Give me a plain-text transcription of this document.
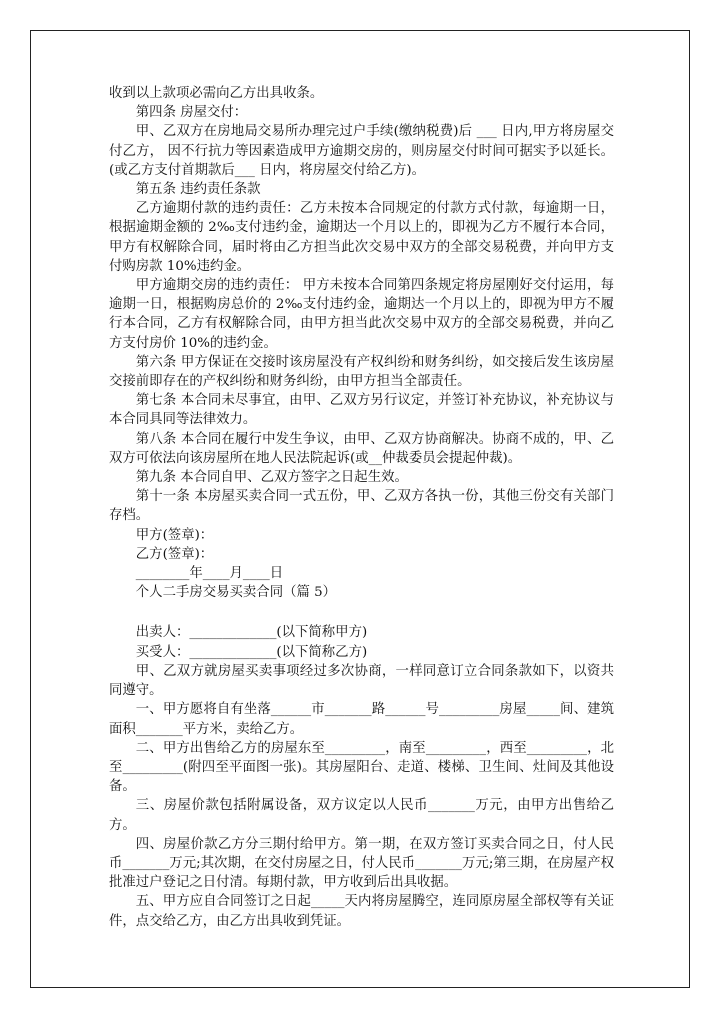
收到以上款项必需向乙方出具收条。

第四条 房屋交付：

甲、乙双方在房地局交易所办理完过户手续(缴纳税费)后 ___ 日内,甲方将房屋交付乙方， 因不行抗力等因素造成甲方逾期交房的，则房屋交付时间可据实予以延长。(或乙方支付首期款后___ 日内，将房屋交付给乙方)。

第五条 违约责任条款

乙方逾期付款的违约责任：乙方未按本合同规定的付款方式付款，每逾期一日，根据逾期金额的 2‰支付违约金，逾期达一个月以上的，即视为乙方不履行本合同，甲方有权解除合同，届时将由乙方担当此次交易中双方的全部交易税费，并向甲方支付购房款 10%违约金。

甲方逾期交房的违约责任： 甲方未按本合同第四条规定将房屋刚好交付运用，每逾期一日，根据购房总价的 2‰支付违约金，逾期达一个月以上的，即视为甲方不履行本合同，乙方有权解除合同，由甲方担当此次交易中双方的全部交易税费，并向乙方支付房价 10%的违约金。

第六条 甲方保证在交接时该房屋没有产权纠纷和财务纠纷，如交接后发生该房屋交接前即存在的产权纠纷和财务纠纷，由甲方担当全部责任。

第七条 本合同未尽事宜，由甲、乙双方另行议定，并签订补充协议，补充协议与本合同具同等法律效力。

第八条 本合同在履行中发生争议，由甲、乙双方协商解决。协商不成的，甲、乙双方可依法向该房屋所在地人民法院起诉(或__仲裁委员会提起仲裁)。

第九条 本合同自甲、乙双方签字之日起生效。

第十一条 本房屋买卖合同一式五份，甲、乙双方各执一份，其他三份交有关部门存档。

甲方(签章)：

乙方(签章)：

________年____月____日

个人二手房交易买卖合同（篇 5）

出卖人：_____________(以下简称甲方)

买受人：_____________(以下简称乙方)

甲、乙双方就房屋买卖事项经过多次协商，一样同意订立合同条款如下，以资共同遵守。

一、甲方愿将自有坐落______市_______路______号_________房屋_____间、建筑面积_______平方米，卖给乙方。

二、甲方出售给乙方的房屋东至_________，南至_________，西至_________，北至_________(附四至平面图一张)。其房屋阳台、走道、楼梯、卫生间、灶间及其他设备。

三、房屋价款包括附属设备，双方议定以人民币_______万元，由甲方出售给乙方。

四、房屋价款乙方分三期付给甲方。第一期，在双方签订买卖合同之日，付人民币_______万元;其次期，在交付房屋之日，付人民币_______万元;第三期，在房屋产权批准过户登记之日付清。每期付款，甲方收到后出具收据。

五、甲方应自合同签订之日起_____天内将房屋腾空，连同原房屋全部权等有关证件，点交给乙方，由乙方出具收到凭证。
